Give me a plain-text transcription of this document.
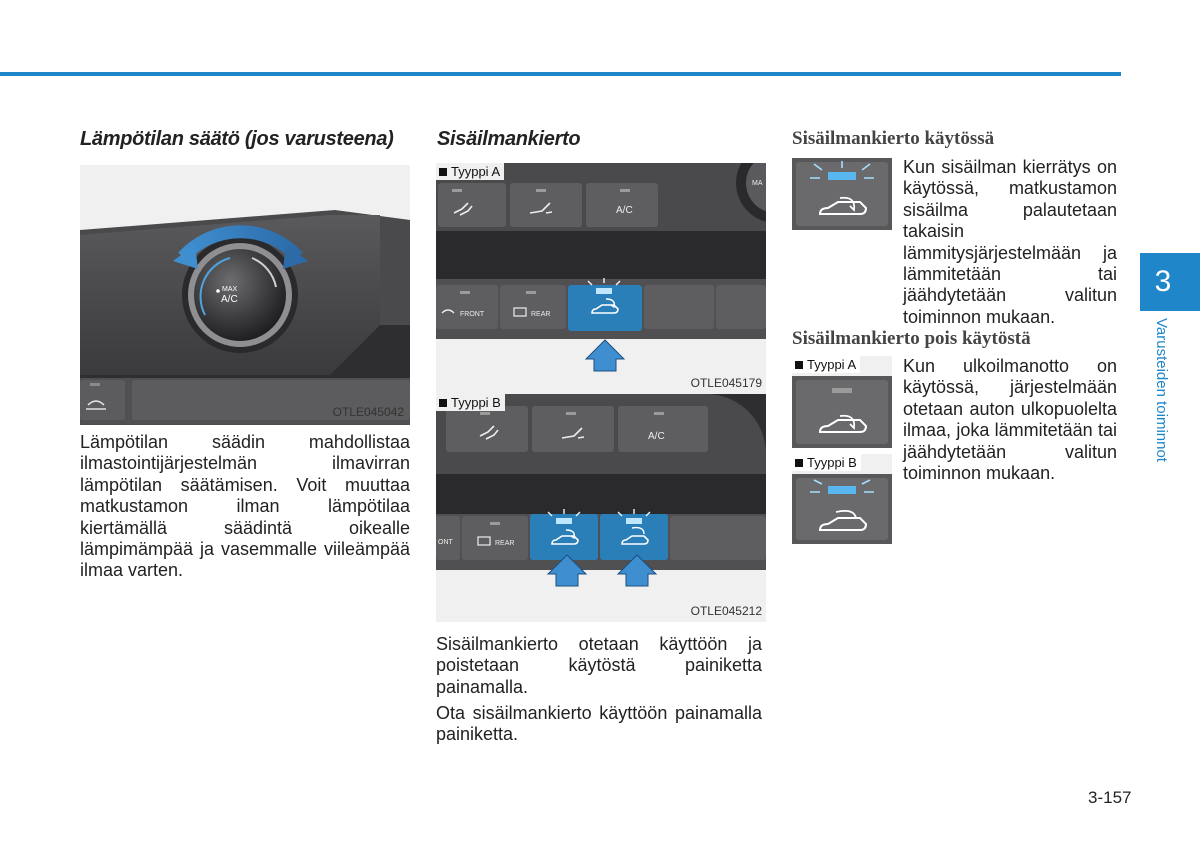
Lämpötilan säätö (jos varusteena)
MAX
A/C
OTLE045042
Lämpötilan säädin mahdollistaa ilmastointijärjestelmän ilmavirran lämpötilan säätämisen. Voit muuttaa matkustamon ilman lämpötilaa kiertämällä säädintä oikealle lämpimämpää ja vasemmalle viileämpää ilmaa varten.
Sisäilmankierto
A/C
MA
FRONT	REAR
Tyyppi A
OTLE045179
A/C
ONT	REAR
Tyyppi B
OTLE045212
Sisäilmankierto otetaan käyttöön ja poistetaan käytöstä painiketta painamalla.
Ota sisäilmankierto käyttöön painamalla painiketta.
Sisäilmankierto käytössä
Kun sisäilman kierrätys on käytössä, matkustamon sisäilma palautetaan takaisin lämmitysjärjestelmään ja lämmitetään tai jäähdytetään valitun toiminnon mukaan.
Sisäilmankierto pois käytöstä
Tyyppi A
Tyyppi B
Kun ulkoilmanotto on käytössä, järjestelmään otetaan auton ulkopuolelta ilmaa, joka lämmitetään tai jäähdytetään valitun toiminnon mukaan.
3
Varusteiden toiminnot
3-157
